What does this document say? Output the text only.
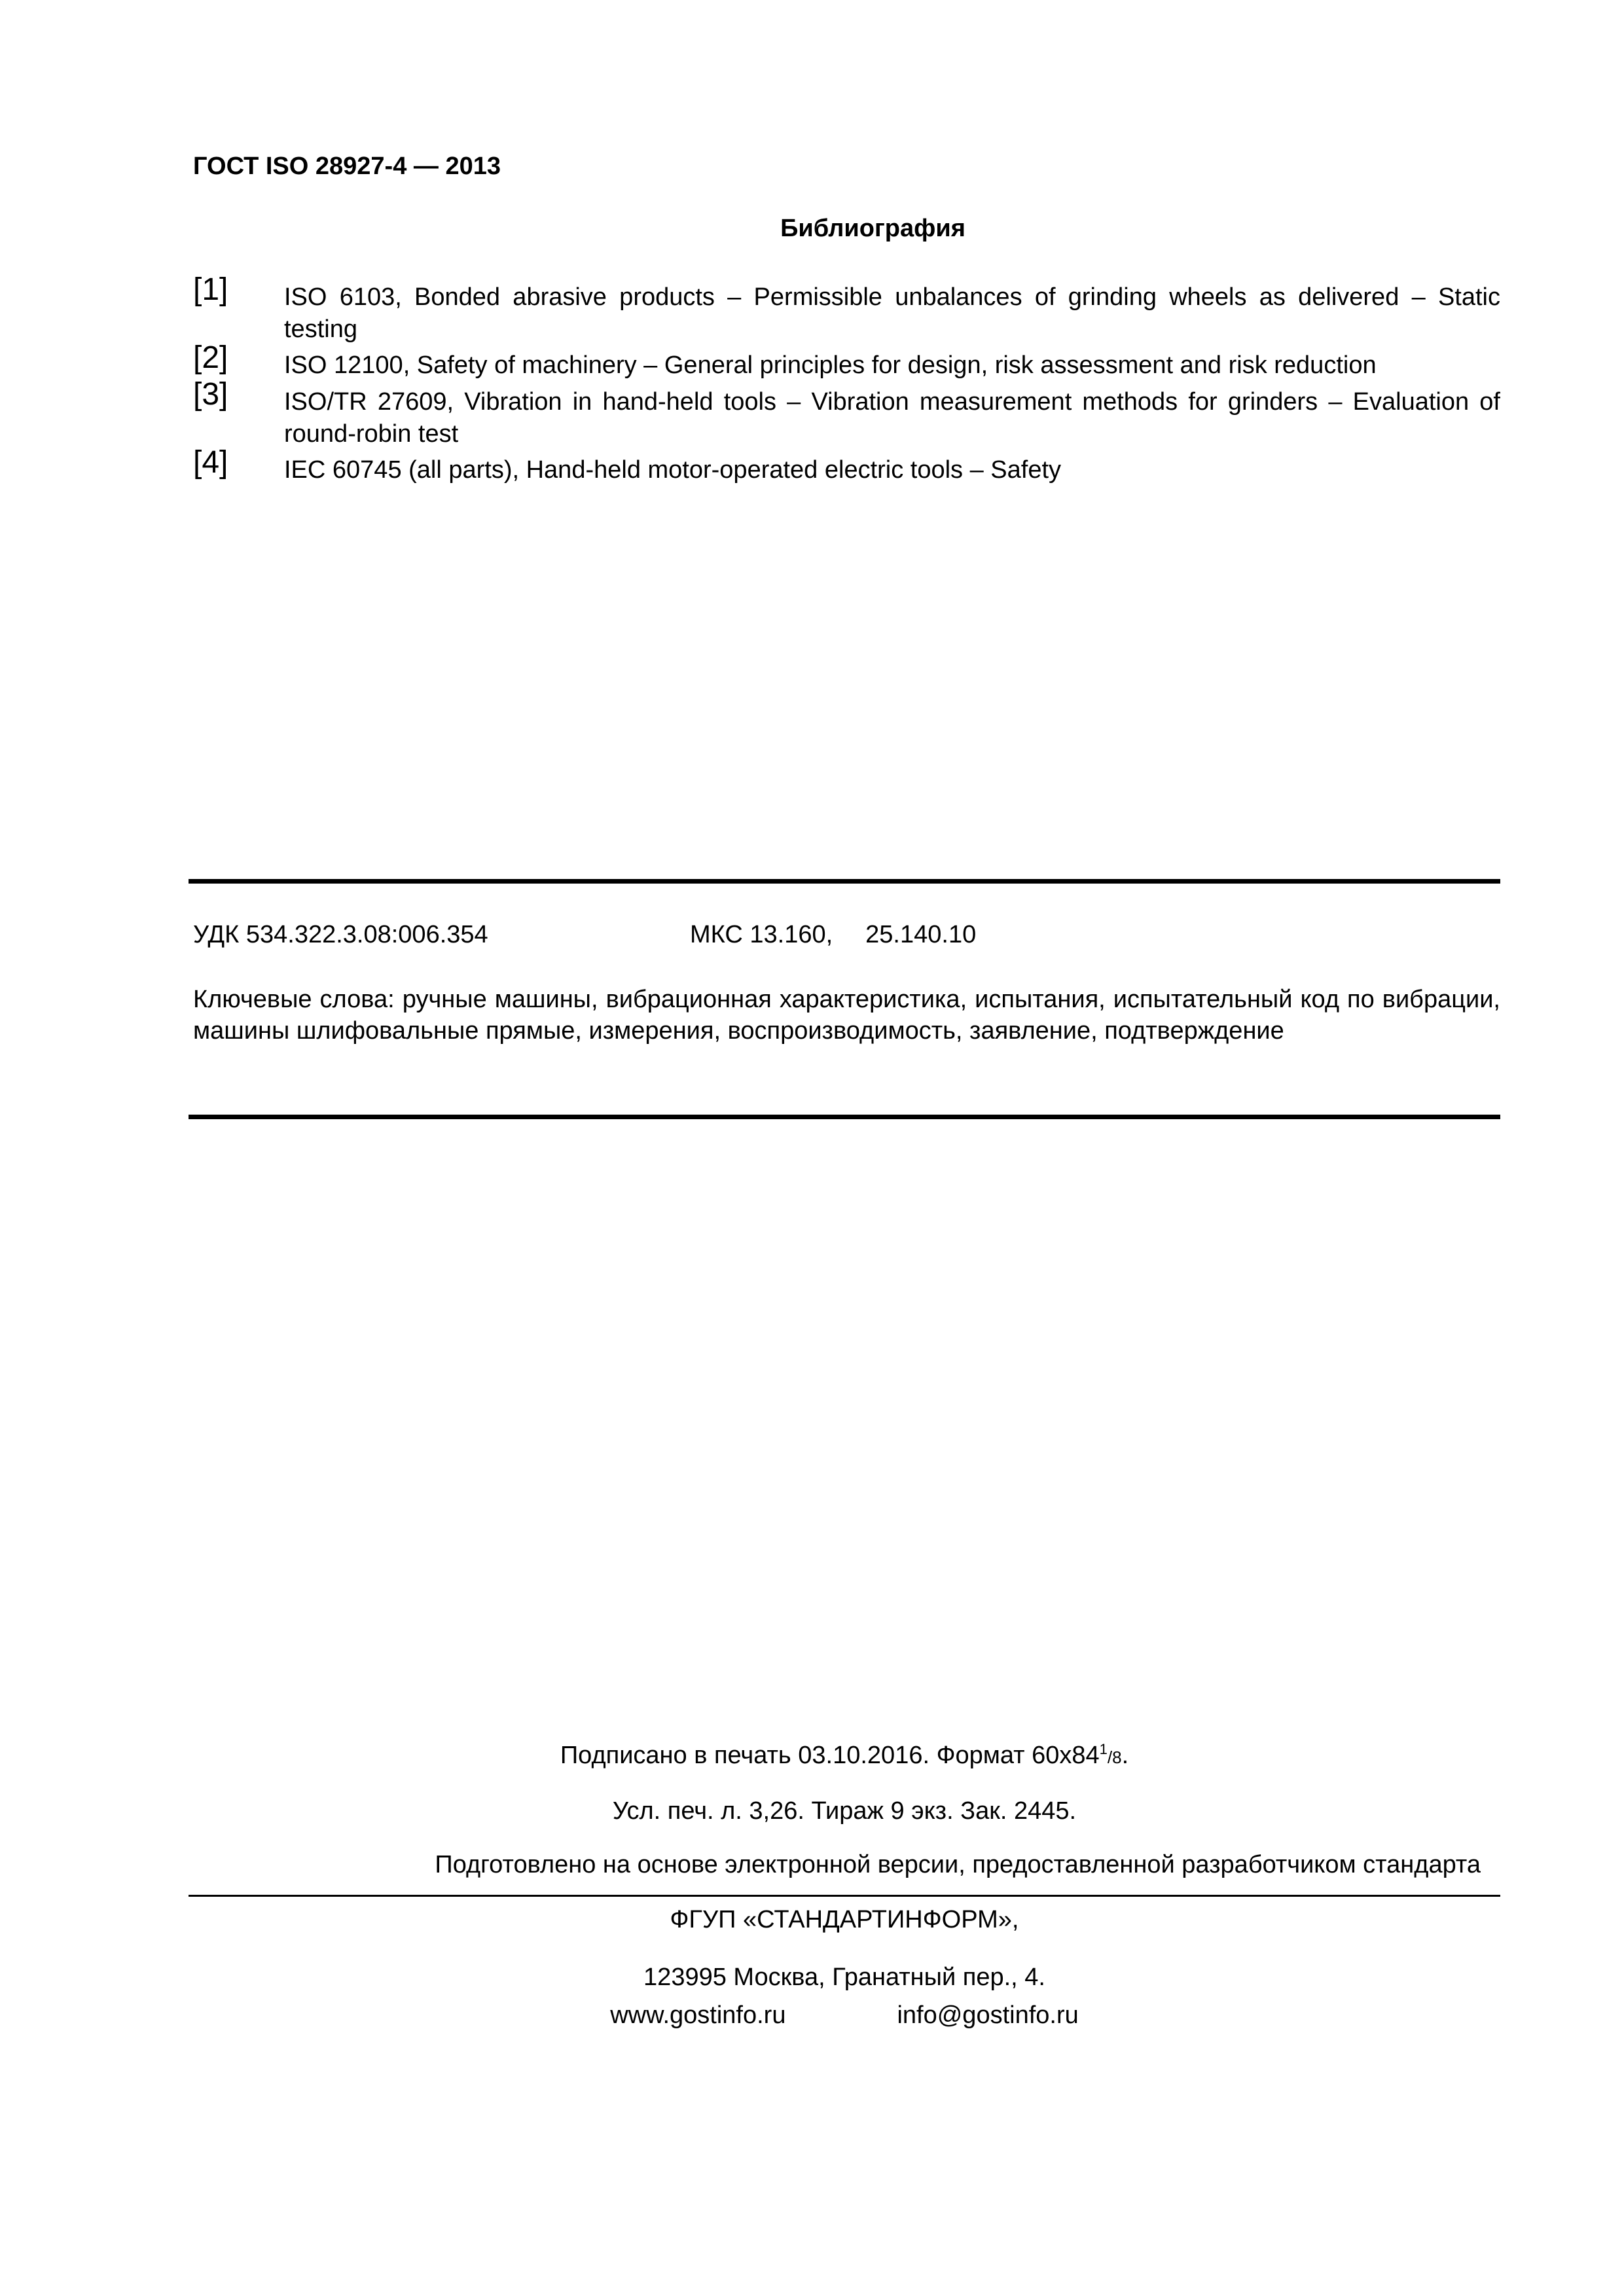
ГОСТ ISO 28927-4 — 2013
Библиография
[1] ISO 6103, Bonded abrasive products – Permissible unbalances of grinding wheels as delivered – Static testing
[2] ISO 12100, Safety of machinery – General principles for design, risk assessment and risk reduction
[3] ISO/TR 27609, Vibration in hand-held tools – Vibration measurement methods for grinders – Evaluation of round-robin test
[4] IEC 60745 (all parts), Hand-held motor-operated electric tools – Safety
УДК 534.322.3.08:006.354	МКС 13.160, 25.140.10
Ключевые слова: ручные машины, вибрационная характеристика, испытания, испытательный код по вибрации, машины шлифовальные прямые, измерения, воспроизводимость, заявление, подтверждение
Подписано в печать 03.10.2016. Формат $60x84^1/8$.
Усл. печ. л. 3,26. Тираж 9 экз. Зак. 2445.
Подготовлено на основе электронной версии, предоставленной разработчиком стандарта
ФГУП «СТАНДАРТИНФОРМ»,
123995 Москва, Гранатный пер., 4.
www.gostinfo.ru	info@gostinfo.ru
